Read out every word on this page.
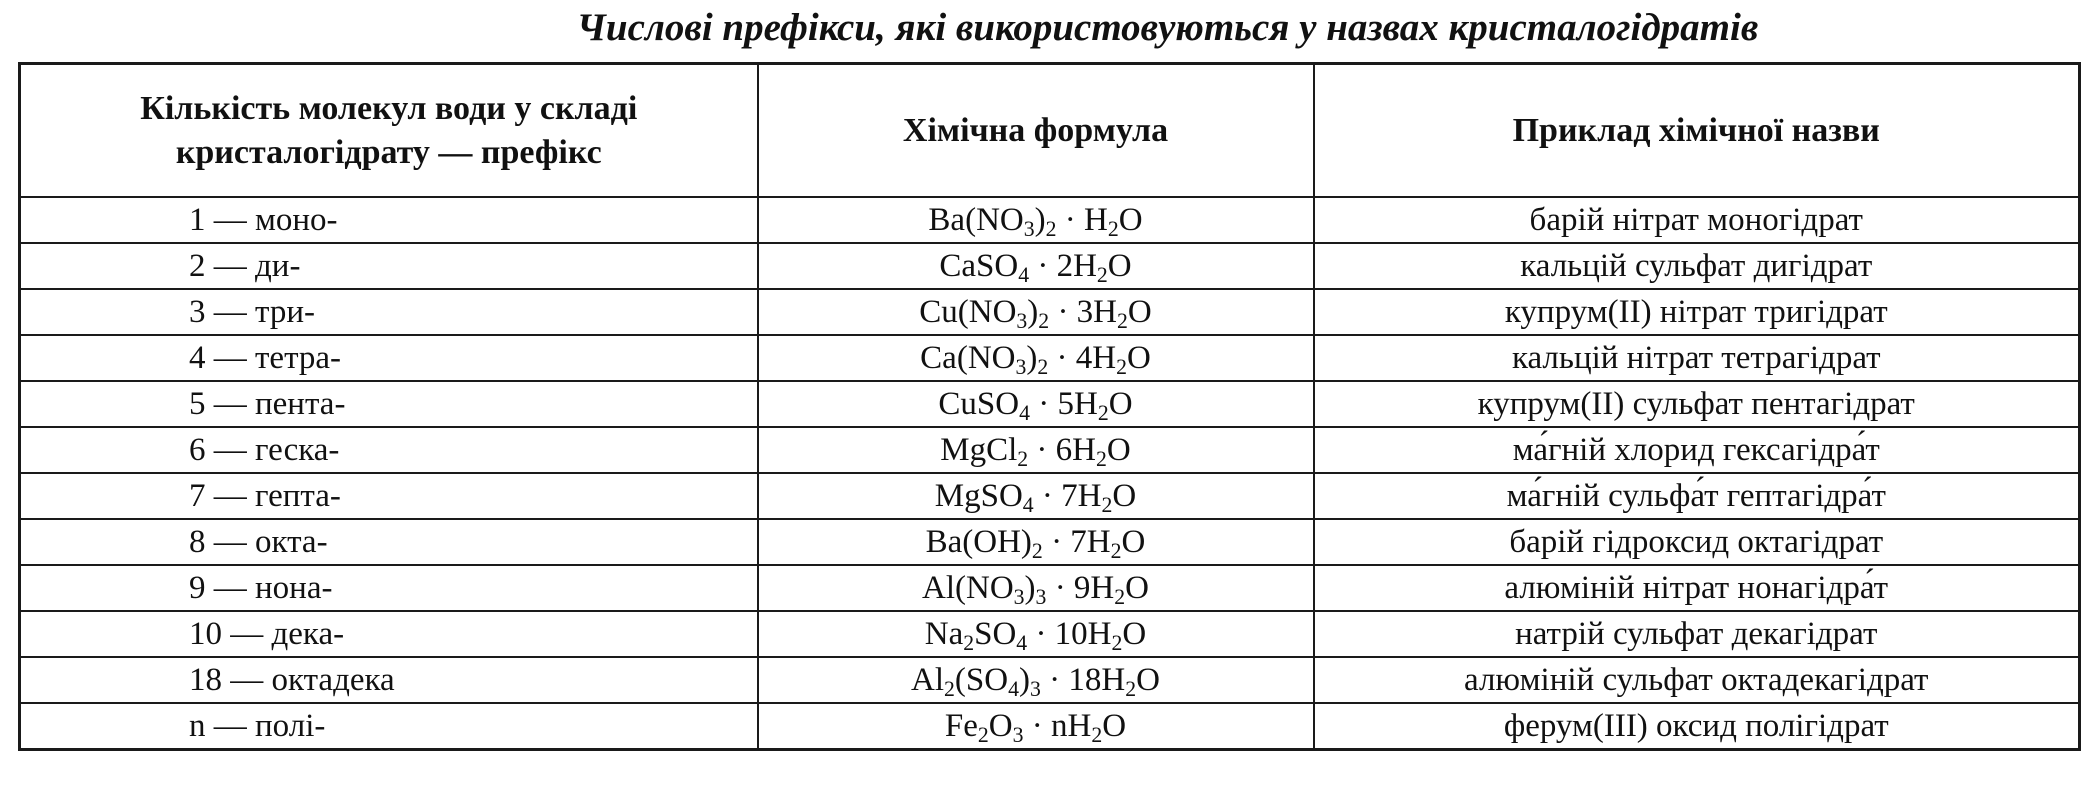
Числові префікси, які використовуються у назвах кристалогідратів
Кількість молекул води у складі
кристалогідрату — префікс	Хімічна формула	Приклад хімічної назви
1 — моно-	$Ba(NO_3)_2 \cdot H_2O$	барій нітрат моногідрат
2 — ди-	CaSO$_4$ · $2H_2O$	кальцій сульфат дигідрат
3 — три-	$Cu(NO_3)_2 \cdot 3H_2O$	купрум(II) нітрат тригідрат
4 — тетра-	$Ca(NO_3)_2 \cdot 4H_2O$	кальцій нітрат тетрагідрат
5 — пента-	CuSO$_4$ · $5H_2O$	купрум(II) сульфат пентагідрат
6 — геска-	MgCl$_2$ · $6H_2O$	ма́гній хлорид гексагідра́т
7 — гепта-	MgSO$_4$ · $7H_2O$	ма́гній сульфа́т гептагідра́т
8 — окта-	$Ba(OH)_2 \cdot 7H_2O$	барій гідроксид октагідрат
9 — нона-	$Al(NO_3)_3 \cdot 9H_2O$	алюміній нітрат нонагідра́т
10 — дека-	$Na_2SO_4 \cdot 10H_2O$	натрій сульфат декагідрат
18 — октадека	$Al_2(SO_4)_3 \cdot 18H_2O$	алюміній сульфат октадекагідрат
n — полі-	$Fe_2O_3 \cdot nH_2O$	ферум(III) оксид полігідрат
